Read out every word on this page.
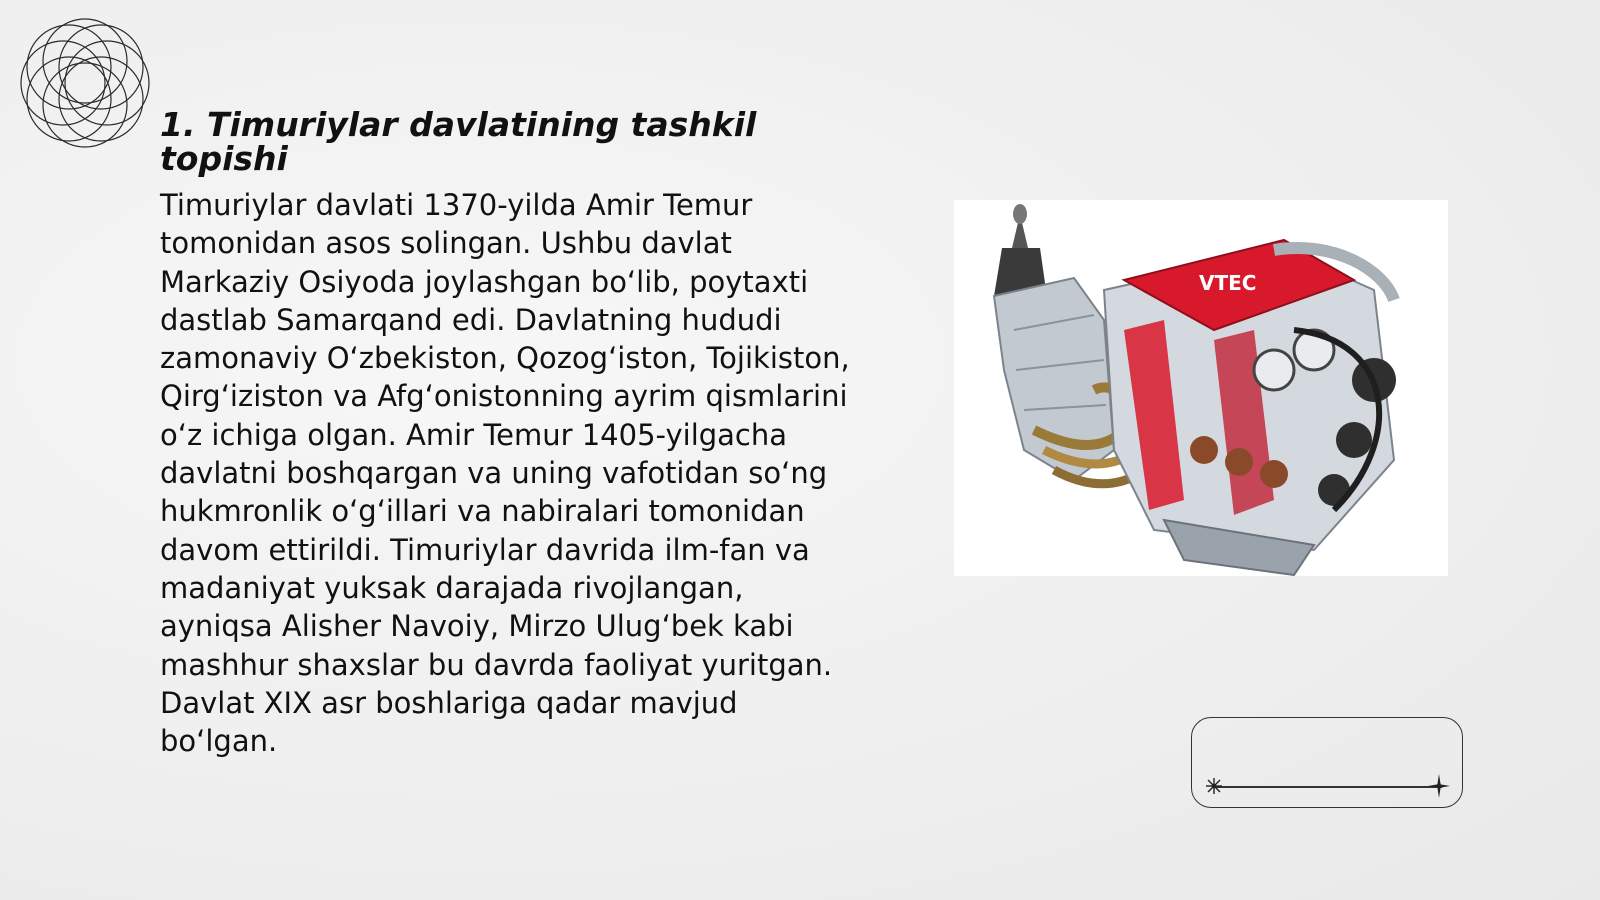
1. Timuriylar davlatining tashkil topishi

Timuriylar davlati 1370-yilda Amir Temur tomonidan asos solingan. Ushbu davlat Markaziy Osiyoda joylashgan bo‘lib, poytaxti dastlab Samarqand edi. Davlatning hududi zamonaviy O‘zbekiston, Qozog‘iston, Tojikiston, Qirg‘iziston va Afg‘onistonning ayrim qismlarini o‘z ichiga olgan. Amir Temur 1405-yilgacha davlatni boshqargan va uning vafotidan so‘ng hukmronlik o‘g‘illari va nabiralari tomonidan davom ettirildi. Timuriylar davrida ilm-fan va madaniyat yuksak darajada rivojlangan, ayniqsa Alisher Navoiy, Mirzo Ulug‘bek kabi mashhur shaxslar bu davrda faoliyat yuritgan. Davlat XIX asr boshlariga qadar mavjud bo‘lgan.

VTEC
